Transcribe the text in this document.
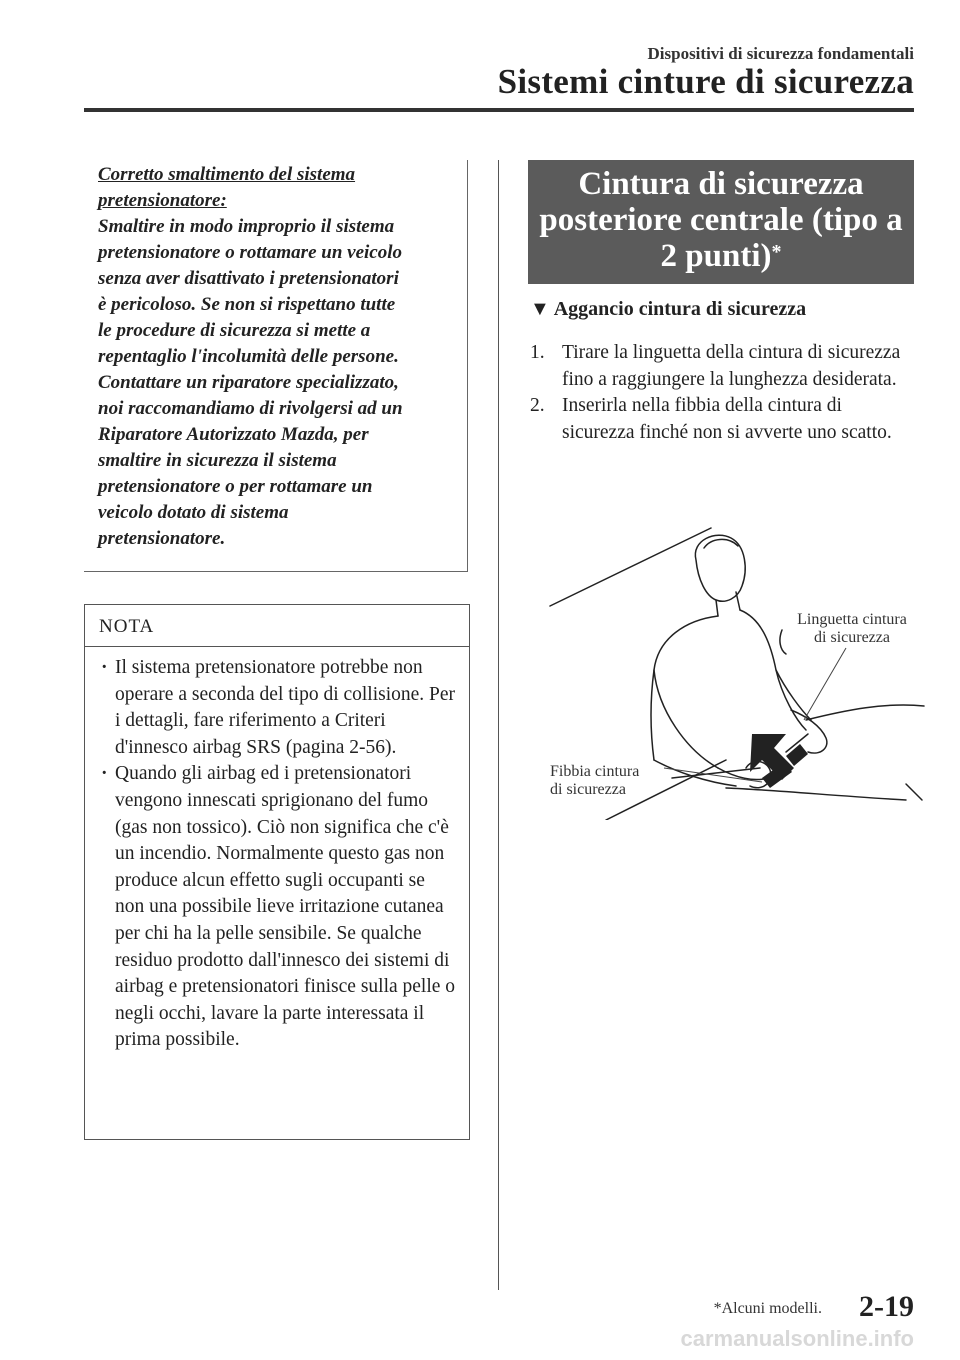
Dispositivi di sicurezza fondamentali
Sistemi cinture di sicurezza
Corretto smaltimento del sistema
pretensionatore:
Smaltire in modo improprio il sistema
pretensionatore o rottamare un veicolo
senza aver disattivato i pretensionatori
è pericoloso. Se non si rispettano tutte
le procedure di sicurezza si mette a
repentaglio l'incolumità delle persone.
Contattare un riparatore specializzato,
noi raccomandiamo di rivolgersi ad un
Riparatore Autorizzato Mazda, per
smaltire in sicurezza il sistema
pretensionatore o per rottamare un
veicolo dotato di sistema
pretensionatore.
NOTA
· Il sistema pretensionatore potrebbe non operare a seconda del tipo di collisione. Per i dettagli, fare riferimento a Criteri d'innesco airbag SRS (pagina 2-56).
· Quando gli airbag ed i pretensionatori vengono innescati sprigionano del fumo (gas non tossico). Ciò non significa che c'è un incendio. Normalmente questo gas non produce alcun effetto sugli occupanti se non una possibile lieve irritazione cutanea per chi ha la pelle sensibile. Se qualche residuo prodotto dall'innesco dei sistemi di airbag e pretensionatori finisce sulla pelle o negli occhi, lavare la parte interessata il prima possibile.
Cintura di sicurezza
posteriore centrale (tipo a
2 punti)*
▼ Aggancio cintura di sicurezza
1. Tirare la linguetta della cintura di sicurezza fino a raggiungere la lunghezza desiderata.
2. Inserirla nella fibbia della cintura di sicurezza finché non si avverte uno scatto.
Linguetta cintura
di sicurezza
Fibbia cintura
di sicurezza
*Alcuni modelli. 2-19
carmanualsonline.info
